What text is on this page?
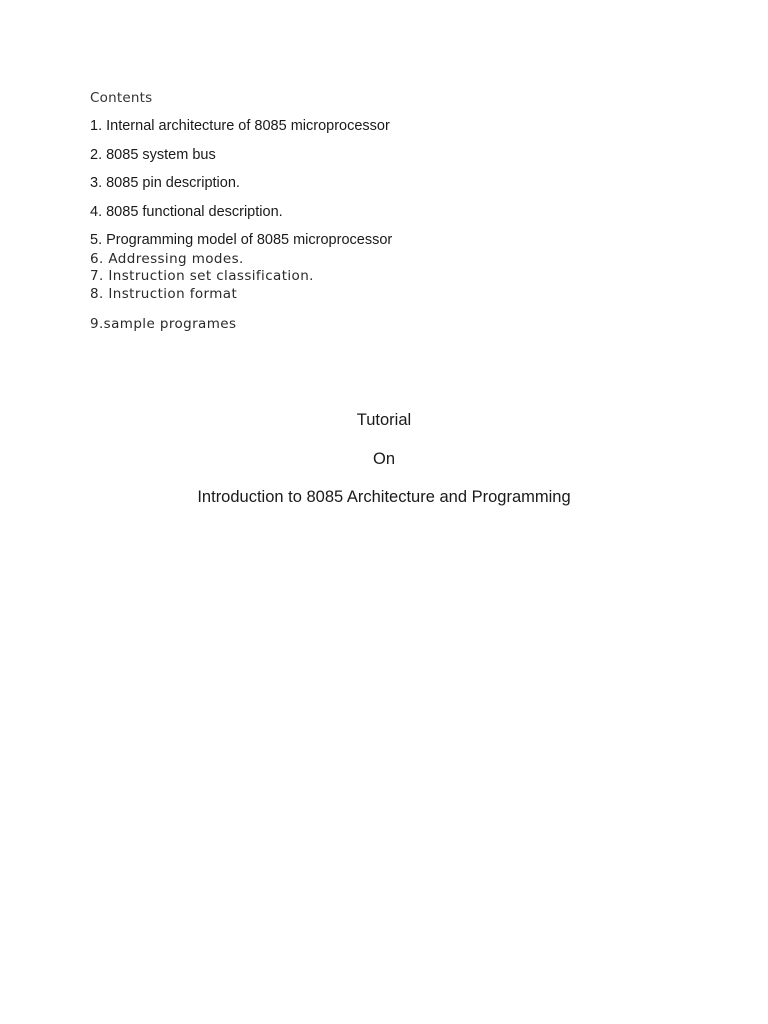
Contents
1. Internal architecture of 8085 microprocessor
2. 8085 system bus
3. 8085 pin description.
4. 8085 functional description.
5. Programming model of 8085 microprocessor
6. Addressing modes.
7. Instruction set classification.
8. Instruction format
9.sample programes
Tutorial
On
Introduction to 8085 Architecture and Programming
